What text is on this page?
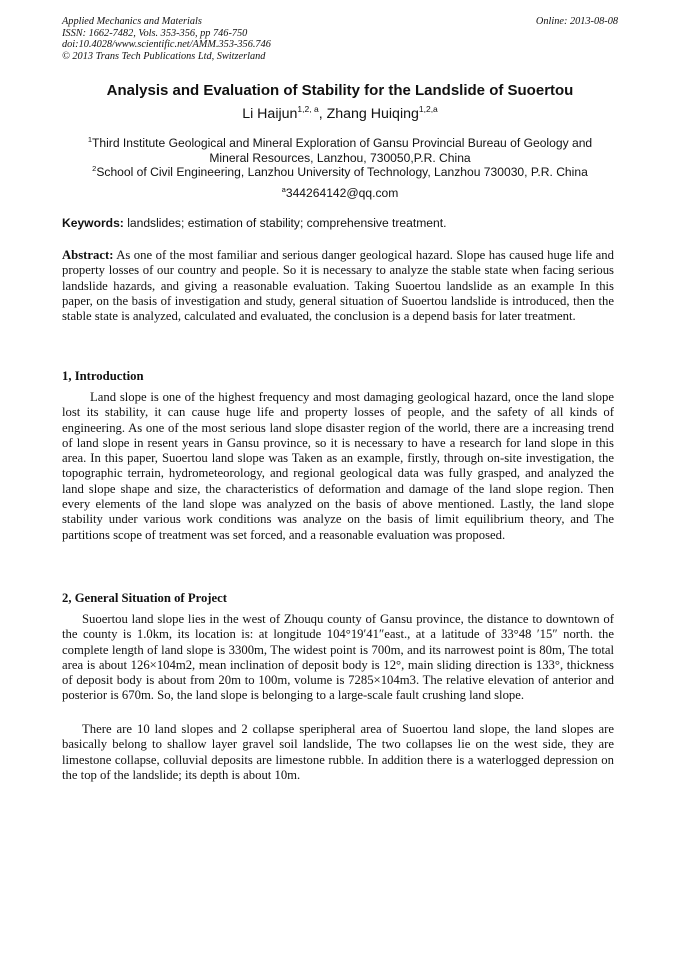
Applied Mechanics and Materials
ISSN: 1662-7482, Vols. 353-356, pp 746-750
doi:10.4028/www.scientific.net/AMM.353-356.746
© 2013 Trans Tech Publications Ltd, Switzerland
Online: 2013-08-08
Analysis and Evaluation of Stability for the Landslide of Suoertou
Li Haijun$^{1,2, a}$, Zhang Huiqing$^{1,2,a}$
$^1$Third Institute Geological and Mineral Exploration of Gansu Provincial Bureau of Geology and
Mineral Resources, Lanzhou, 730050,P.R. China
$^2$School of Civil Engineering, Lanzhou University of Technology, Lanzhou 730030, P.R. China
$^a$344264142@qq.com
Keywords: landslides; estimation of stability; comprehensive treatment.
Abstract: As one of the most familiar and serious danger geological hazard. Slope has caused huge life and property losses of our country and people. So it is necessary to analyze the stable state when facing serious landslide hazards, and giving a reasonable evaluation. Taking Suoertou landslide as an example In this paper, on the basis of investigation and study, general situation of Suoertou landslide is introduced, then the stable state is analyzed, calculated and evaluated, the conclusion is a depend basis for later treatment.
1, Introduction
Land slope is one of the highest frequency and most damaging geological hazard, once the land slope lost its stability, it can cause huge life and property losses of people, and the safety of all kinds of engineering. As one of the most serious land slope disaster region of the world, there are a increasing trend of land slope in resent years in Gansu province, so it is necessary to have a research for land slope in this area. In this paper, Suoertou land slope was Taken as an example, firstly, through on-site investigation, the topographic terrain, hydrometeorology, and regional geological data was fully grasped, and analyzed the land slope shape and size, the characteristics of deformation and damage of the land slope region. Then every elements of the land slope was analyzed on the basis of above mentioned. Lastly, the land slope stability under various work conditions was analyze on the basis of limit equilibrium theory, and The partitions scope of treatment was set forced, and a reasonable evaluation was proposed.
2, General Situation of Project
Suoertou land slope lies in the west of Zhouqu county of Gansu province, the distance to downtown of the county is 1.0km, its location is: at longitude 104°19′41″east., at a latitude of 33°48 ′15″ north. the complete length of land slope is 3300m, The widest point is 700m, and its narrowest point is 80m, The total area is about 126×104m2, mean inclination of deposit body is 12°, main sliding direction is 133°, thickness of deposit body is about from 20m to 100m, volume is 7285×104m3. The relative elevation of anterior and posterior is 670m. So, the land slope is belonging to a large-scale fault crushing land slope.
There are 10 land slopes and 2 collapse speripheral area of Suoertou land slope, the land slopes are basically belong to shallow layer gravel soil landslide, The two collapses lie on the west side, they are limestone collapse, colluvial deposits are limestone rubble. In addition there is a waterlogged depression on the top of the landslide; its depth is about 10m.
